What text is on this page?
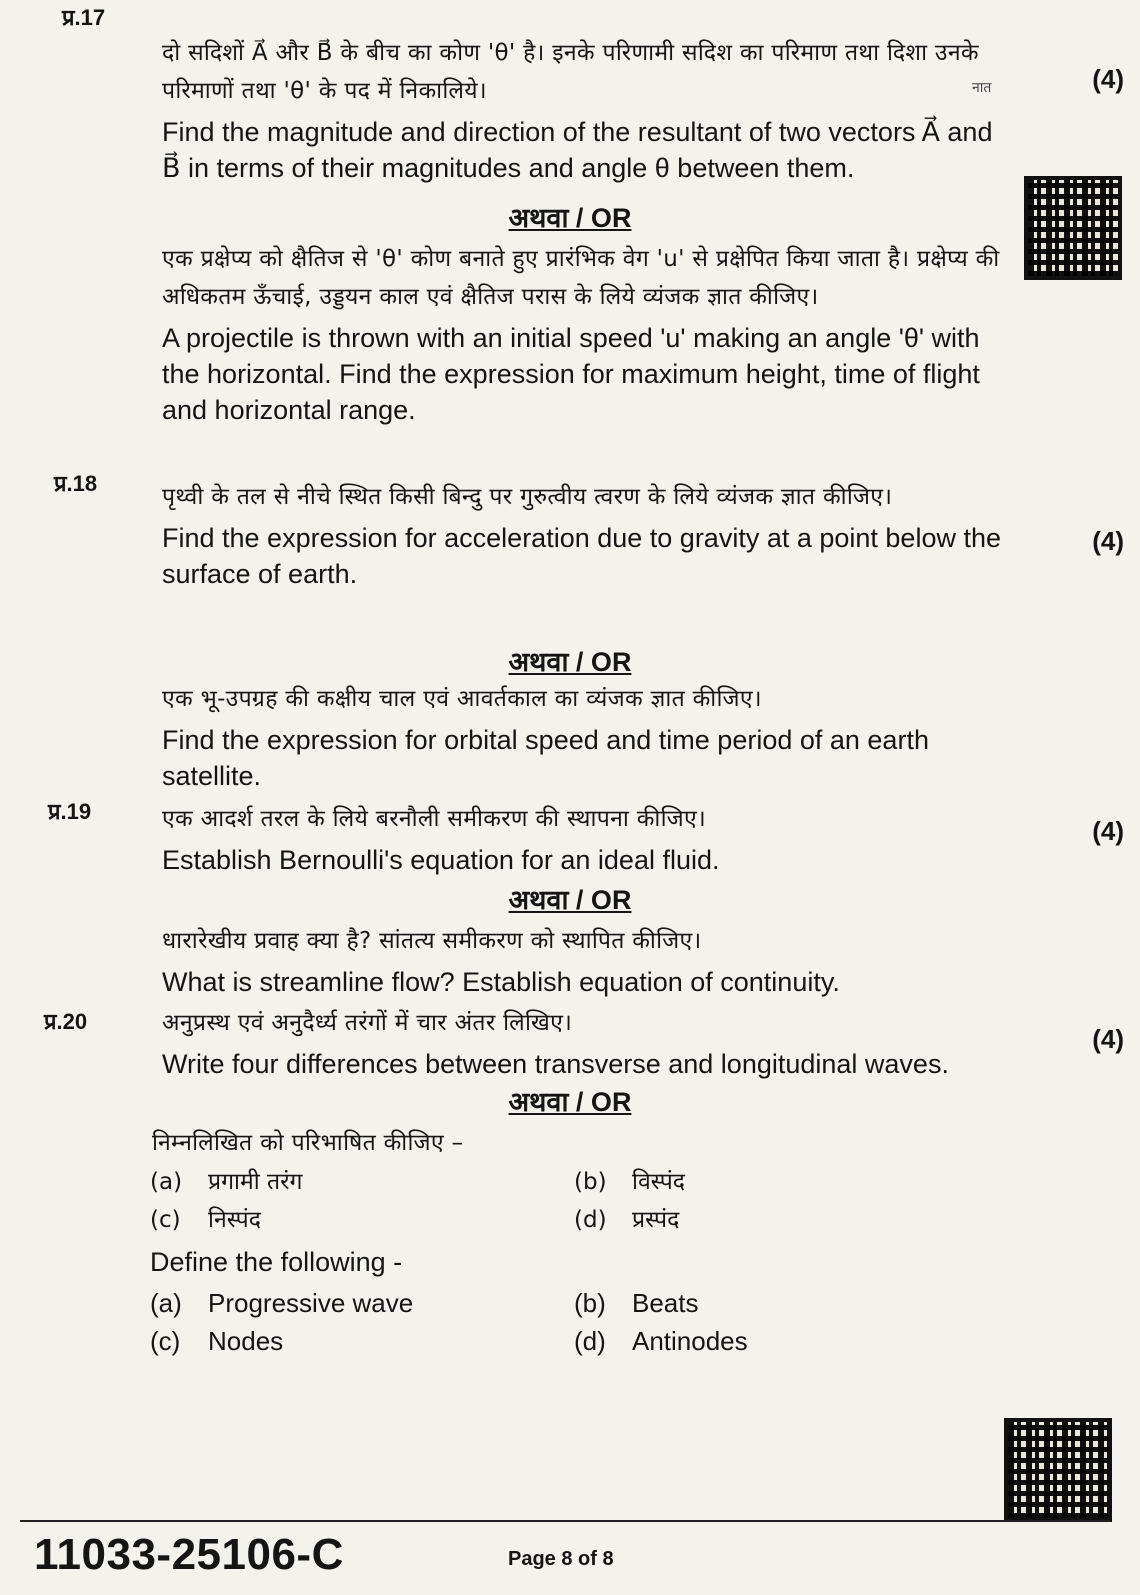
प्र.17
(4)
नात
दो सदिशों A⃗ और B⃗ के बीच का कोण 'θ' है। इनके परिणामी सदिश का परिमाण तथा दिशा उनके परिमाणों तथा 'θ' के पद में निकालिये।
Find the magnitude and direction of the resultant of two vectors A⃗ and B⃗ in terms of their magnitudes and angle θ between them.
अथवा / OR
एक प्रक्षेप्य को क्षैतिज से 'θ' कोण बनाते हुए प्रारंभिक वेग 'u' से प्रक्षेपित किया जाता है। प्रक्षेप्य की अधिकतम ऊँचाई, उड्डयन काल एवं क्षैतिज परास के लिये व्यंजक ज्ञात कीजिए।
A projectile is thrown with an initial speed 'u' making an angle 'θ' with the horizontal. Find the expression for maximum height, time of flight and horizontal range.
प्र.18
(4)
पृथ्वी के तल से नीचे स्थित किसी बिन्दु पर गुरुत्वीय त्वरण के लिये व्यंजक ज्ञात कीजिए।
Find the expression for acceleration due to gravity at a point below the surface of earth.
अथवा / OR
एक भू-उपग्रह की कक्षीय चाल एवं आवर्तकाल का व्यंजक ज्ञात कीजिए।
Find the expression for orbital speed and time period of an earth satellite.
प्र.19
(4)
एक आदर्श तरल के लिये बरनौली समीकरण की स्थापना कीजिए।
Establish Bernoulli's equation for an ideal fluid.
अथवा / OR
धारारेखीय प्रवाह क्या है? सांतत्य समीकरण को स्थापित कीजिए।
What is streamline flow? Establish equation of continuity.
प्र.20
(4)
अनुप्रस्थ एवं अनुदैर्ध्य तरंगों में चार अंतर लिखिए।
Write four differences between transverse and longitudinal waves.
अथवा / OR
निम्नलिखित को परिभाषित कीजिए –
(a) प्रगामी तरंग	(b) विस्पंद
(c) निस्पंद	(d) प्रस्पंद
Define the following -
(a) Progressive wave	(b) Beats
(c) Nodes	(d) Antinodes
11033-25106-C	Page 8 of 8
